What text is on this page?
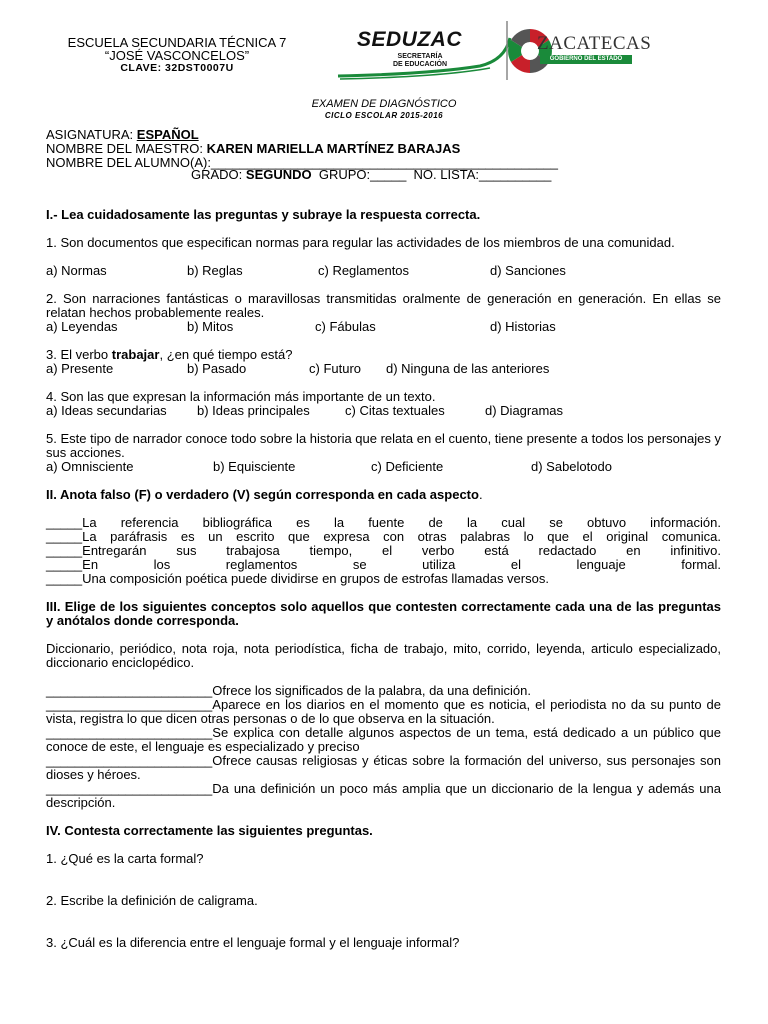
ESCUELA SECUNDARIA TÉCNICA 7
“JOSÉ VASCONCELOS”
CLAVE: 32DST0007U
SEDUZAC
SECRETARÍA
DE EDUCACIÓN
ZACATECAS
GOBIERNO DEL ESTADO
EXAMEN DE DIAGNÓSTICO
CICLO ESCOLAR 2015-2016
ASIGNATURA: ESPAÑOL
NOMBRE DEL MAESTRO: KAREN MARIELLA MARTÍNEZ BARAJAS
NOMBRE DEL ALUMNO(A):________________________________________________
GRADO: SEGUNDO  GRUPO:_____  NO. LISTA:__________
I.- Lea cuidadosamente las preguntas y subraye la respuesta correcta.
1. Son documentos que especifican normas para regular las actividades de los miembros de una comunidad.
a) Normas	b) Reglas	c) Reglamentos	d) Sanciones
2. Son narraciones fantásticas o maravillosas transmitidas oralmente de generación en generación. En ellas se relatan hechos probablemente reales.
a) Leyendas	b) Mitos	c) Fábulas	d) Historias
3. El verbo trabajar, ¿en qué tiempo está?
a) Presente	b) Pasado	c) Futuro d) Ninguna de las anteriores
4. Son las que expresan la información más importante de un texto.
a) Ideas secundarias b) Ideas principales	c) Citas textuales	d) Diagramas
5. Este tipo de narrador conoce todo sobre la historia que relata en el cuento, tiene presente a todos los personajes y sus acciones.
a) Omnisciente	b) Equisciente	c) Deficiente	d) Sabelotodo
II. Anota falso (F) o verdadero (V) según corresponda en cada aspecto.
_____La referencia bibliográfica es la fuente de la cual se obtuvo información.
_____La paráfrasis es un escrito que expresa con otras palabras lo que el original comunica.
_____Entregarán sus trabajosa tiempo, el verbo está redactado en infinitivo.
_____En los reglamentos se utiliza el lenguaje formal.
_____Una composición poética puede dividirse en grupos de estrofas llamadas versos.
III. Elige de los siguientes conceptos solo aquellos que contesten correctamente cada una de las preguntas y anótalos donde corresponda.
Diccionario, periódico, nota roja, nota periodística, ficha de trabajo, mito, corrido, leyenda, articulo especializado, diccionario enciclopédico.
_______________________Ofrece los significados de la palabra, da una definición.
_______________________Aparece en los diarios en el momento que es noticia, el periodista no da su punto de vista, registra lo que dicen otras personas o de lo que observa en la situación.
_______________________Se explica con detalle algunos aspectos de un tema, está dedicado a un público que conoce de este, el lenguaje es especializado y preciso
_______________________Ofrece causas religiosas y éticas sobre la formación del universo, sus personajes son dioses y héroes.
_______________________Da una definición un poco más amplia que un diccionario de la lengua y además una descripción.
IV. Contesta correctamente las siguientes preguntas.
1. ¿Qué es la carta formal?
2. Escribe la definición de caligrama.
3. ¿Cuál es la diferencia entre el lenguaje formal y el lenguaje informal?
